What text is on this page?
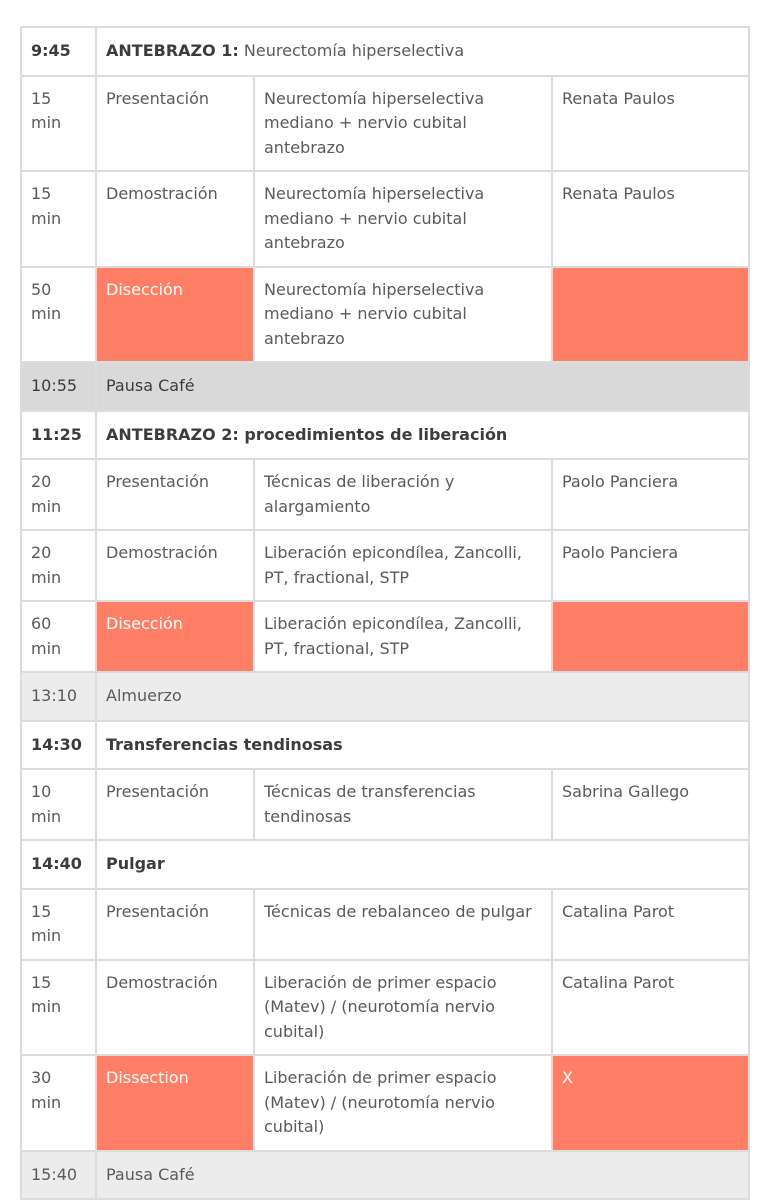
9:45	ANTEBRAZO 1: Neurectomía hiperselectiva		
15 min	Presentación	Neurectomía hiperselectiva mediano + nervio cubital antebrazo	Renata Paulos
15 min	Demostración	Neurectomía hiperselectiva mediano + nervio cubital antebrazo	Renata Paulos
50 min	Disección	Neurectomía hiperselectiva mediano + nervio cubital antebrazo	
10:55	Pausa Café		
11:25	ANTEBRAZO 2: procedimientos de liberación		
20 min	Presentación	Técnicas de liberación y alargamiento	Paolo Panciera
20 min	Demostración	Liberación epicondílea, Zancolli, PT, fractional, STP	Paolo Panciera
60 min	Disección	Liberación epicondílea, Zancolli, PT, fractional, STP	
13:10	Almuerzo		
14:30	Transferencias tendinosas		
10 min	Presentación	Técnicas de transferencias tendinosas	Sabrina Gallego
14:40	Pulgar		
15 min	Presentación	Técnicas de rebalanceo de pulgar	Catalina Parot
15 min	Demostración	Liberación de primer espacio (Matev) / (neurotomía nervio cubital)	Catalina Parot
30 min	Dissection	Liberación de primer espacio (Matev) / (neurotomía nervio cubital)	X
15:40	Pausa Café		
